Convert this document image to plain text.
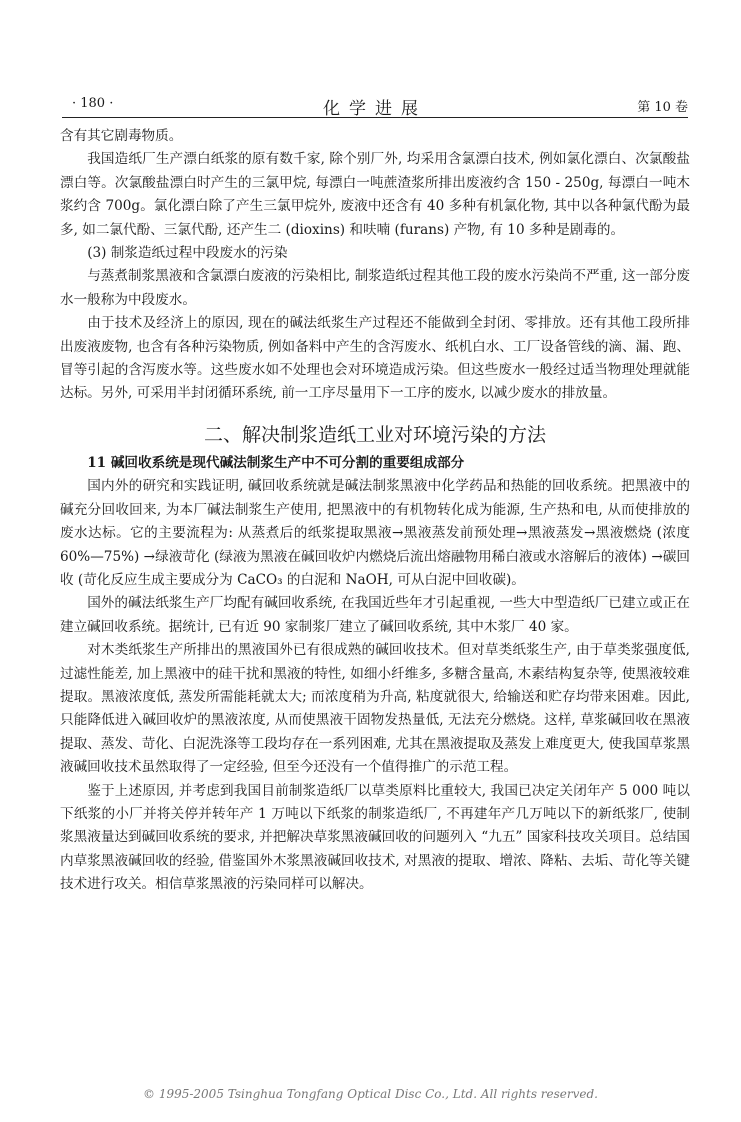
· 180 ·	化学进展	第 10 卷

含有其它剧毒物质。

我国造纸厂生产漂白纸浆的原有数千家, 除个别厂外, 均采用含氯漂白技术, 例如氯化漂白、次氯酸盐漂白等。次氯酸盐漂白时产生的三氯甲烷, 每漂白一吨蔗渣浆所排出废液约含 150 - 250g, 每漂白一吨木浆约含 700g。氯化漂白除了产生三氯甲烷外, 废液中还含有 40 多种有机氯化物, 其中以各种氯代酚为最多, 如二氯代酚、三氯代酚, 还产生二 (dioxins) 和呋喃 (furans) 产物, 有 10 多种是剧毒的。

(3) 制浆造纸过程中段废水的污染

与蒸煮制浆黑液和含氯漂白废液的污染相比, 制浆造纸过程其他工段的废水污染尚不严重, 这一部分废水一般称为中段废水。

由于技术及经济上的原因, 现在的碱法纸浆生产过程还不能做到全封闭、零排放。还有其他工段所排出废液废物, 也含有各种污染物质, 例如备料中产生的含泻废水、纸机白水、工厂设备管线的滴、漏、跑、冒等引起的含泻废水等。这些废水如不处理也会对环境造成污染。但这些废水一般经过适当物理处理就能达标。另外, 可采用半封闭循环系统, 前一工序尽量用下一工序的废水, 以减少废水的排放量。

二、解决制浆造纸工业对环境污染的方法

11 碱回收系统是现代碱法制浆生产中不可分割的重要组成部分

国内外的研究和实践证明, 碱回收系统就是碱法制浆黑液中化学药品和热能的回收系统。把黑液中的碱充分回收回来, 为本厂碱法制浆生产使用, 把黑液中的有机物转化成为能源, 生产热和电, 从而使排放的废水达标。它的主要流程为: 从蒸煮后的纸浆提取黑液→黑液蒸发前预处理→黑液蒸发→黑液燃烧 (浓度 60%—75%) →绿液苛化 (绿液为黑液在碱回收炉内燃烧后流出熔融物用稀白液或水溶解后的液体) →碳回收 (苛化反应生成主要成分为 CaCO₃ 的白泥和 NaOH, 可从白泥中回收碳)。

国外的碱法纸浆生产厂均配有碱回收系统, 在我国近些年才引起重视, 一些大中型造纸厂已建立或正在建立碱回收系统。据统计, 已有近 90 家制浆厂建立了碱回收系统, 其中木浆厂 40 家。

对木类纸浆生产所排出的黑液国外已有很成熟的碱回收技术。但对草类纸浆生产, 由于草类浆强度低, 过滤性能差, 加上黑液中的硅干扰和黑液的特性, 如细小纤维多, 多糖含量高, 木素结构复杂等, 使黑液较难提取。黑液浓度低, 蒸发所需能耗就太大; 而浓度稍为升高, 粘度就很大, 给输送和贮存均带来困难。因此, 只能降低进入碱回收炉的黑液浓度, 从而使黑液干固物发热量低, 无法充分燃烧。这样, 草浆碱回收在黑液提取、蒸发、苛化、白泥洗涤等工段均存在一系列困难, 尤其在黑液提取及蒸发上难度更大, 使我国草浆黑液碱回收技术虽然取得了一定经验, 但至今还没有一个值得推广的示范工程。

鉴于上述原因, 并考虑到我国目前制浆造纸厂以草类原料比重较大, 我国已决定关闭年产 5 000 吨以下纸浆的小厂并将关停并转年产 1 万吨以下纸浆的制浆造纸厂, 不再建年产几万吨以下的新纸浆厂, 使制浆黑液量达到碱回收系统的要求, 并把解决草浆黑液碱回收的问题列入 “九五” 国家科技攻关项目。总结国内草浆黑液碱回收的经验, 借鉴国外木浆黑液碱回收技术, 对黑液的提取、增浓、降粘、去垢、苛化等关键技术进行攻关。相信草浆黑液的污染同样可以解决。

© 1995-2005 Tsinghua Tongfang Optical Disc Co., Ltd. All rights reserved.
